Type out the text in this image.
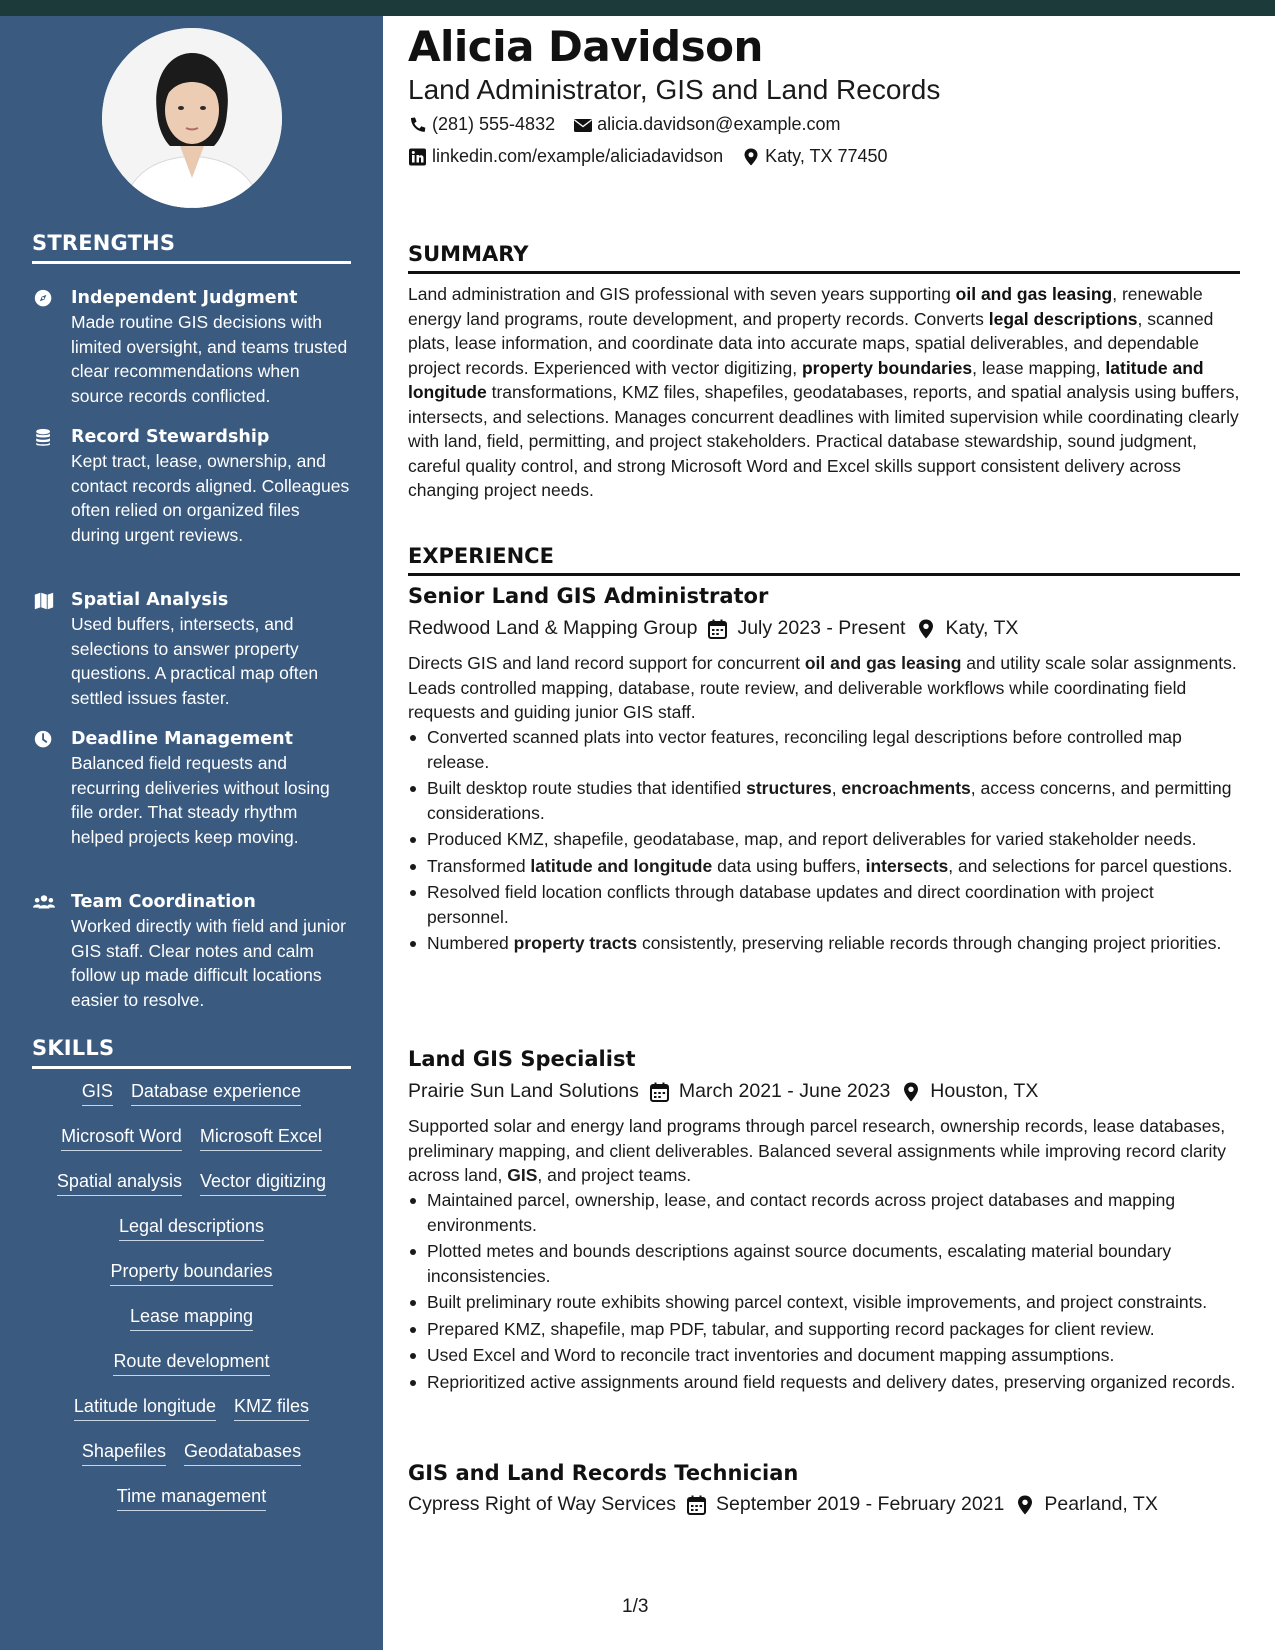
STRENGTHS
Independent Judgment
Made routine GIS decisions with limited oversight, and teams trusted clear recommendations when source records conflicted.
Record Stewardship
Kept tract, lease, ownership, and contact records aligned. Colleagues often relied on organized files during urgent reviews.
Spatial Analysis
Used buffers, intersects, and selections to answer property questions. A practical map often settled issues faster.
Deadline Management
Balanced field requests and recurring deliveries without losing file order. That steady rhythm helped projects keep moving.
Team Coordination
Worked directly with field and junior GIS staff. Clear notes and calm follow up made difficult locations easier to resolve.
SKILLS
GIS Database experience
Microsoft Word Microsoft Excel
Spatial analysis Vector digitizing
Legal descriptions
Property boundaries
Lease mapping
Route development
Latitude longitude KMZ files
Shapefiles Geodatabases
Time management
Alicia Davidson
Land Administrator, GIS and Land Records
(281) 555-4832 alicia.davidson@example.com
linkedin.com/example/aliciadavidson Katy, TX 77450
SUMMARY
Land administration and GIS professional with seven years supporting oil and gas leasing, renewable energy land programs, route development, and property records. Converts legal descriptions, scanned plats, lease information, and coordinate data into accurate maps, spatial deliverables, and dependable project records. Experienced with vector digitizing, property boundaries, lease mapping, latitude and longitude transformations, KMZ files, shapefiles, geodatabases, reports, and spatial analysis using buffers, intersects, and selections. Manages concurrent deadlines with limited supervision while coordinating clearly with land, field, permitting, and project stakeholders. Practical database stewardship, sound judgment, careful quality control, and strong Microsoft Word and Excel skills support consistent delivery across changing project needs.
EXPERIENCE
Senior Land GIS Administrator
Redwood Land & Mapping Group July 2023 - Present Katy, TX
Directs GIS and land record support for concurrent oil and gas leasing and utility scale solar assignments. Leads controlled mapping, database, route review, and deliverable workflows while coordinating field requests and guiding junior GIS staff.
Converted scanned plats into vector features, reconciling legal descriptions before controlled map release.
Built desktop route studies that identified structures, encroachments, access concerns, and permitting considerations.
Produced KMZ, shapefile, geodatabase, map, and report deliverables for varied stakeholder needs.
Transformed latitude and longitude data using buffers, intersects, and selections for parcel questions.
Resolved field location conflicts through database updates and direct coordination with project personnel.
Numbered property tracts consistently, preserving reliable records through changing project priorities.
Land GIS Specialist
Prairie Sun Land Solutions March 2021 - June 2023 Houston, TX
Supported solar and energy land programs through parcel research, ownership records, lease databases, preliminary mapping, and client deliverables. Balanced several assignments while improving record clarity across land, GIS, and project teams.
Maintained parcel, ownership, lease, and contact records across project databases and mapping environments.
Plotted metes and bounds descriptions against source documents, escalating material boundary inconsistencies.
Built preliminary route exhibits showing parcel context, visible improvements, and project constraints.
Prepared KMZ, shapefile, map PDF, tabular, and supporting record packages for client review.
Used Excel and Word to reconcile tract inventories and document mapping assumptions.
Reprioritized active assignments around field requests and delivery dates, preserving organized records.
GIS and Land Records Technician
Cypress Right of Way Services September 2019 - February 2021 Pearland, TX
1/3
